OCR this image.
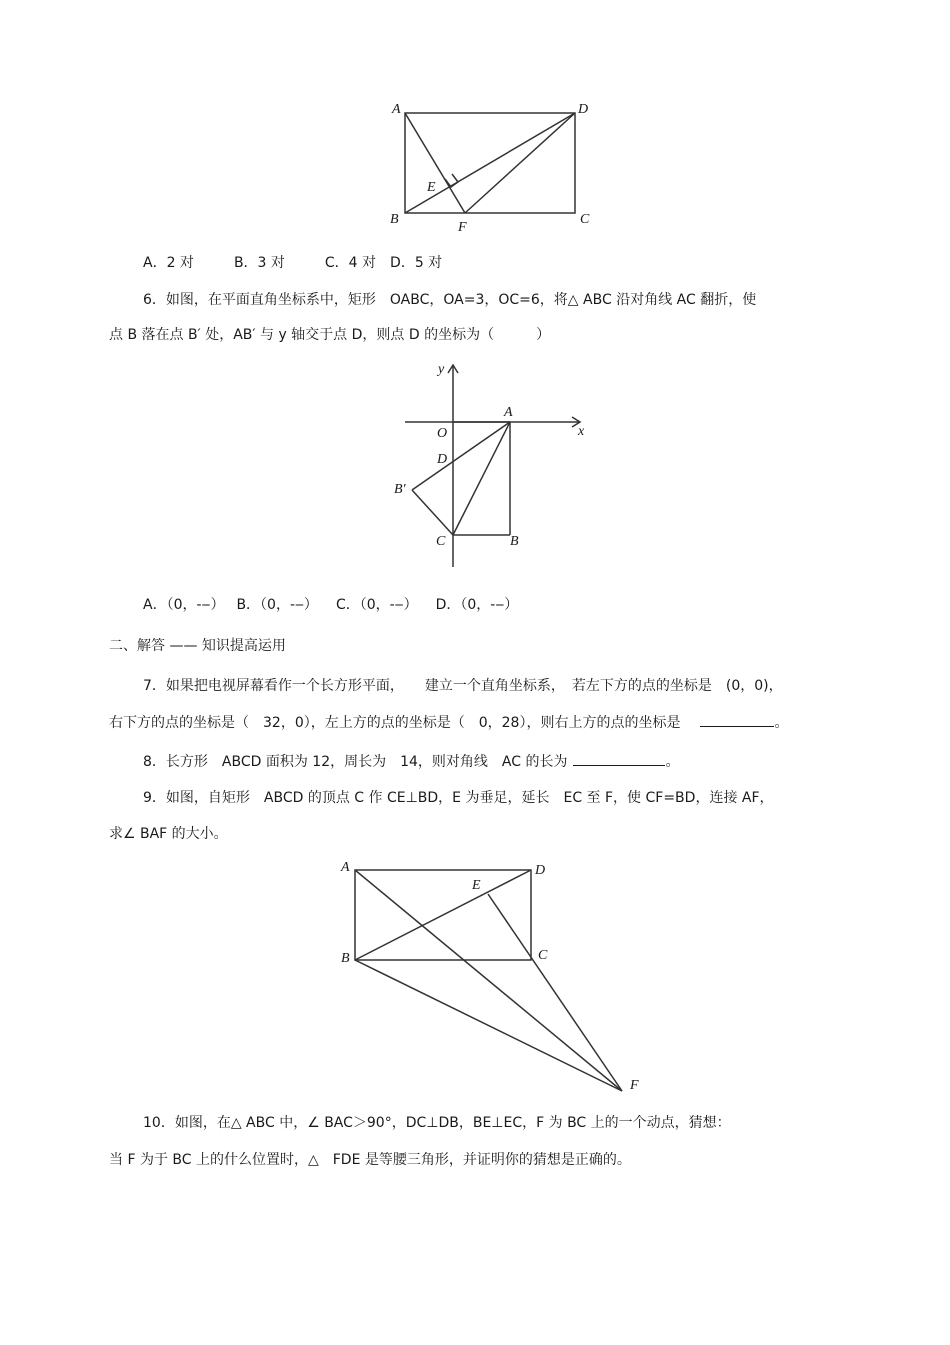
A	D
E
B
F
C
A．2 对	B．3 对	C．4 对 D．5 对
6．如图，在平面直角坐标系中，矩形　OABC，OA=3，OC=6，将△ ABC 沿对角线 AC 翻折，使
点 B 落在点 B′ 处，AB′ 与 y 轴交于点 D，则点 D 的坐标为（　　　）
y
x
O
A
D
B′
C	B
A．（0，-‒） B．（0，-‒） C．（0，-‒） D．（0，-‒）
二、解答 —— 知识提高运用
7．如果把电视屏幕看作一个长方形平面，　　建立一个直角坐标系，　若左下方的点的坐标是　(0，0)，
右下方的点的坐标是（　32，0），左上方的点的坐标是（　0，28），则右上方的点的坐标是	。
8．长方形　ABCD 面积为 12，周长为　14，则对角线　AC 的长为	。
9．如图，自矩形　ABCD 的顶点 C 作 CE⊥BD，E 为垂足，延长　EC 至 F，使 CF=BD，连接 AF，
求∠ BAF 的大小。
A	D
E
B	C
F
10．如图，在△ ABC 中，∠ BAC＞90°，DC⊥DB，BE⊥EC，F 为 BC 上的一个动点，猜想：
当 F 为于 BC 上的什么位置时，△　FDE 是等腰三角形，并证明你的猜想是正确的。
